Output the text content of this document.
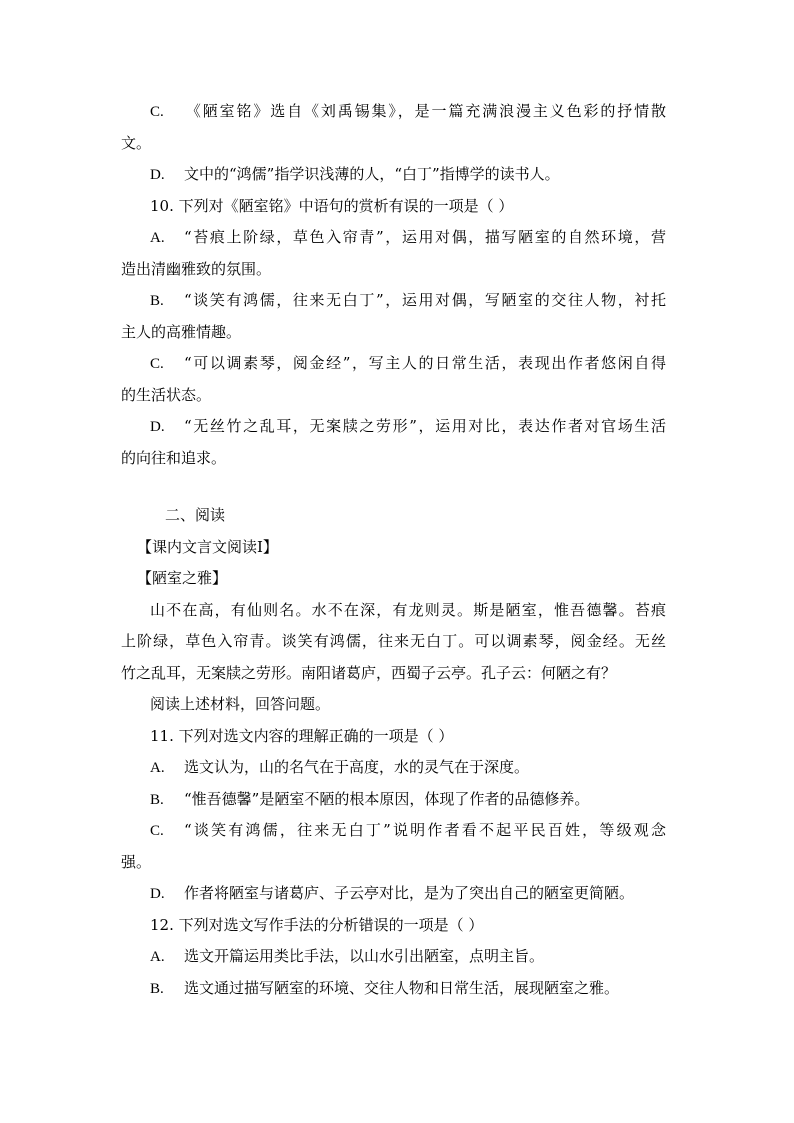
C. 《陋室铭》选自《刘禹锡集》，是一篇充满浪漫主义色彩的抒情散
文。
D. 文中的“鸿儒”指学识浅薄的人，“白丁”指博学的读书人。
10. 下列对《陋室铭》中语句的赏析有误的一项是（ ）
A. “苔痕上阶绿，草色入帘青”，运用对偶，描写陋室的自然环境，营
造出清幽雅致的氛围。
B. “谈笑有鸿儒，往来无白丁”，运用对偶，写陋室的交往人物，衬托
主人的高雅情趣。
C. “可以调素琴，阅金经”，写主人的日常生活，表现出作者悠闲自得
的生活状态。
D. “无丝竹之乱耳，无案牍之劳形”，运用对比，表达作者对官场生活
的向往和追求。
二、阅读
【课内文言文阅读Ⅰ】
【陋室之雅】
山不在高，有仙则名。水不在深，有龙则灵。斯是陋室，惟吾德馨。苔痕
上阶绿，草色入帘青。谈笑有鸿儒，往来无白丁。可以调素琴，阅金经。无丝
竹之乱耳，无案牍之劳形。南阳诸葛庐，西蜀子云亭。孔子云：何陋之有？
阅读上述材料，回答问题。
11. 下列对选文内容的理解正确的一项是（ ）
A. 选文认为，山的名气在于高度，水的灵气在于深度。
B. “惟吾德馨”是陋室不陋的根本原因，体现了作者的品德修养。
C. “谈笑有鸿儒，往来无白丁”说明作者看不起平民百姓，等级观念
强。
D. 作者将陋室与诸葛庐、子云亭对比，是为了突出自己的陋室更简陋。
12. 下列对选文写作手法的分析错误的一项是（ ）
A. 选文开篇运用类比手法，以山水引出陋室，点明主旨。
B. 选文通过描写陋室的环境、交往人物和日常生活，展现陋室之雅。
